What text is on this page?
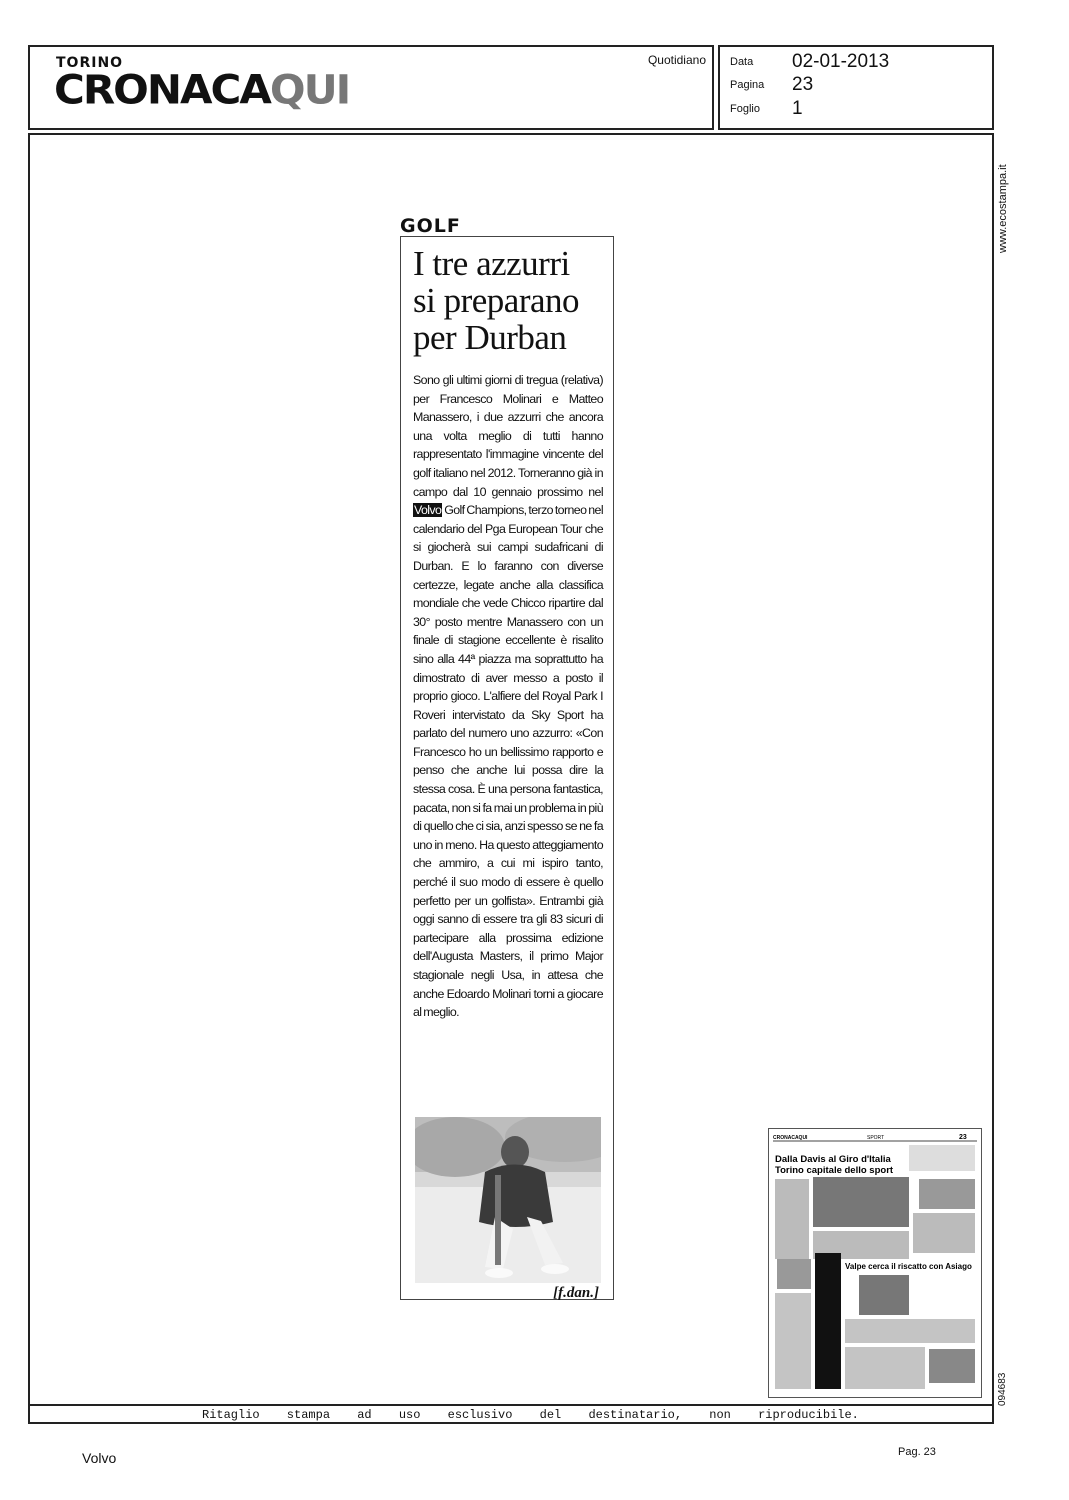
TORINO
CRONACAQUI
Quotidiano Data 02-01-2013
Pagina 23
Foglio 1
www.ecostampa.it
094683
GOLF
I tre azzurri
si preparano
per Durban
Sono gli ultimi giorni di tregua (relativa) per Francesco Molinari e Matteo Manassero, i due azzurri che ancora una volta meglio di tutti hanno rappresentato l'immagine vincente del golf italiano nel 2012. Torneranno già in campo dal 10 gennaio prossimo nel Volvo Golf Champions, terzo torneo nel calendario del Pga European Tour che si giocherà sui campi sudafricani di Durban. E lo faranno con diverse certezze, legate anche alla classifica mondiale che vede Chicco ripartire dal 30° posto mentre Manassero con un finale di stagione eccellente è risalito sino alla 44ª piazza ma soprattutto ha dimostrato di aver messo a posto il proprio gioco. L'alfiere del Royal Park I Roveri intervistato da Sky Sport ha parlato del numero uno azzurro: «Con Francesco ho un bellissimo rapporto e penso che anche lui possa dire la stessa cosa. È una persona fantastica, pacata, non si fa mai un problema in più di quello che ci sia, anzi spesso se ne fa uno in meno. Ha questo atteggiamento che ammiro, a cui mi ispiro tanto, perché il suo modo di essere è quello perfetto per un golfista». Entrambi già oggi sanno di essere tra gli 83 sicuri di partecipare alla prossima edizione dell'Augusta Masters, il primo Major stagionale negli Usa, in attesa che anche Edoardo Molinari torni a giocare al meglio.
[f.dan.]
CRONACAQUI	SPORT	23
Dalla Davis al Giro d'Italia
Torino capitale dello sport
Valpe cerca il riscatto con Asiago
Ritaglio stampa ad uso esclusivo del destinatario, non riproducibile.
Volvo	Pag. 23
